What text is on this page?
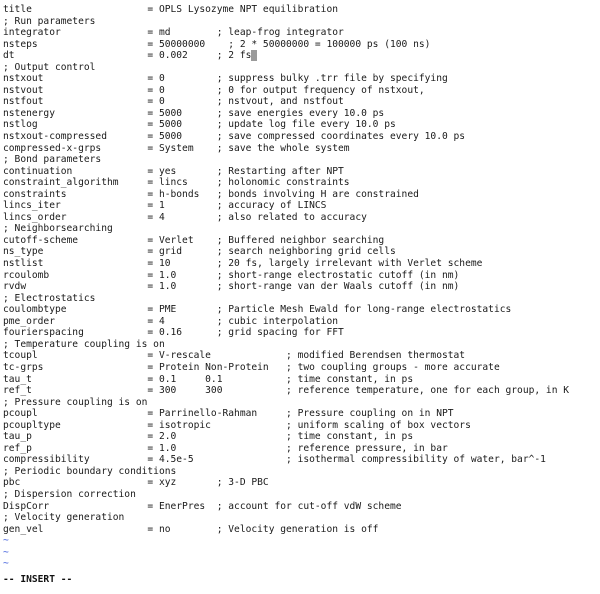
title                    = OPLS Lysozyme NPT equilibration
; Run parameters
integrator               = md        ; leap-frog integrator
nsteps                   = 50000000    ; 2 * 50000000 = 100000 ps (100 ns)
dt                       = 0.002     ; 2 fs
; Output control
nstxout                  = 0         ; suppress bulky .trr file by specifying
nstvout                  = 0         ; 0 for output frequency of nstxout,
nstfout                  = 0         ; nstvout, and nstfout
nstenergy                = 5000      ; save energies every 10.0 ps
nstlog                   = 5000      ; update log file every 10.0 ps
nstxout-compressed       = 5000      ; save compressed coordinates every 10.0 ps
compressed-x-grps        = System    ; save the whole system
; Bond parameters
continuation             = yes       ; Restarting after NPT
constraint_algorithm     = lincs     ; holonomic constraints
constraints              = h-bonds   ; bonds involving H are constrained
lincs_iter               = 1         ; accuracy of LINCS
lincs_order              = 4         ; also related to accuracy
; Neighborsearching
cutoff-scheme            = Verlet    ; Buffered neighbor searching
ns_type                  = grid      ; search neighboring grid cells
nstlist                  = 10        ; 20 fs, largely irrelevant with Verlet scheme
rcoulomb                 = 1.0       ; short-range electrostatic cutoff (in nm)
rvdw                     = 1.0       ; short-range van der Waals cutoff (in nm)
; Electrostatics
coulombtype              = PME       ; Particle Mesh Ewald for long-range electrostatics
pme_order                = 4         ; cubic interpolation
fourierspacing           = 0.16      ; grid spacing for FFT
; Temperature coupling is on
tcoupl                   = V-rescale             ; modified Berendsen thermostat
tc-grps                  = Protein Non-Protein   ; two coupling groups - more accurate
tau_t                    = 0.1     0.1           ; time constant, in ps
ref_t                    = 300     300           ; reference temperature, one for each group, in K
; Pressure coupling is on
pcoupl                   = Parrinello-Rahman     ; Pressure coupling on in NPT
pcoupltype               = isotropic             ; uniform scaling of box vectors
tau_p                    = 2.0                   ; time constant, in ps
ref_p                    = 1.0                   ; reference pressure, in bar
compressibility          = 4.5e-5                ; isothermal compressibility of water, bar^-1
; Periodic boundary conditions
pbc                      = xyz       ; 3-D PBC
; Dispersion correction
DispCorr                 = EnerPres  ; account for cut-off vdW scheme
; Velocity generation
gen_vel                  = no        ; Velocity generation is off
~
~
~
-- INSERT --
